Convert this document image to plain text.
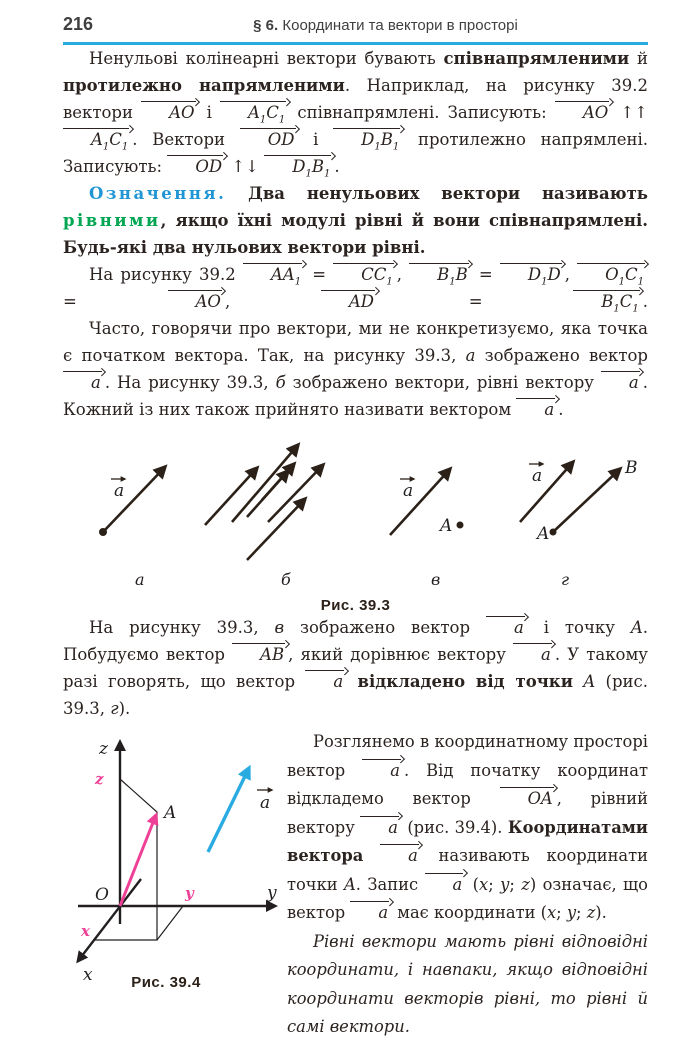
216	§ 6. Координати та вектори в просторі

Ненульові колінеарні вектори бувають співнапрямленими й протилежно напрямленими. Наприклад, на рисунку 39.2 вектори AO і $A_1C_1$ співнапрямлені. Записують: AO ↑↑ $A_1C_1$ . Вектори OD і $D_1B_1$ протилежно напрямлені. Записують: OD ↑↓ $D_1B_1$ .

Означення. Два ненульових вектори називають рівними, якщо їхні модулі рівні й вони співнапрямлені. Будь-які два нульових вектори рівні.

На рисунку 39.2 $AA_1 = CC_1$ , $B_1B = D_1D$ , $O_1C_1$ = AO , AD = $B_1C_1$ .

Часто, говорячи про вектори, ми не конкретизуємо, яка точка є початком вектора. Так, на рисунку 39.3, а зображено вектор a . На рисунку 39.3, б зображено вектори, рівні вектору a . Кожний із них також прийнято називати вектором a .

a
а	б
a
A
в
a
A
B
г
Рис. 39.3

На рисунку 39.3, в зображено вектор a і точку A. Побудуємо вектор AB , який дорівнює вектору a . У такому разі говорять, що вектор a відкладено від точки A (рис. 39.3, г).

a
z
y
x
O
A
z
y
x
Рис. 39.4

Розглянемо в координатному просторі вектор a . Від початку координат відкладемо вектор OA , рівний вектору a (рис. 39.4). Координатами вектора	a називають координати точки A. Запис a (x; y; z) означає, що вектор a має координати (x; y; z).

Рівні вектори мають рівні відповідні координати, і навпаки, якщо відповідні координати векторів рівні, то рівні й самі вектори.
